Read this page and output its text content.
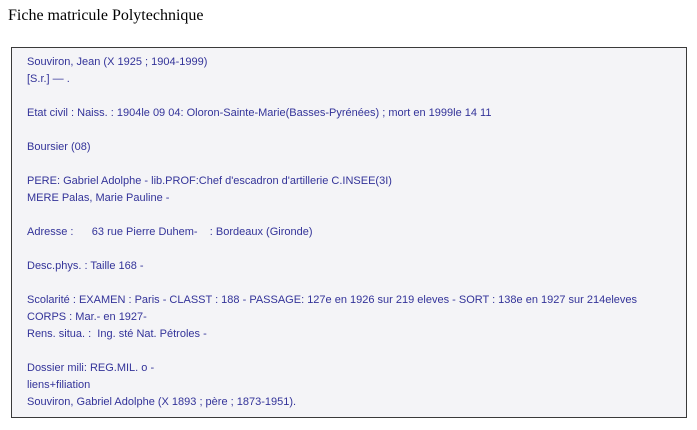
Fiche matricule Polytechnique
Souviron, Jean (X 1925 ; 1904-1999)
[S.r.] — .
Etat civil : Naiss. : 1904le 09 04: Oloron-Sainte-Marie(Basses-Pyrénées) ; mort en 1999le 14 11
Boursier (08)
PERE: Gabriel Adolphe - lib.PROF:Chef d'escadron d'artillerie C.INSEE(3I)
MERE Palas, Marie Pauline -
Adresse :      63 rue Pierre Duhem-    : Bordeaux (Gironde)
Desc.phys. : Taille 168 -
Scolarité : EXAMEN : Paris - CLASST : 188 - PASSAGE: 127e en 1926 sur 219 eleves - SORT : 138e en 1927 sur 214eleves CORPS : Mar.- en 1927-
Rens. situa. :  Ing. sté Nat. Pétroles -
Dossier mili: REG.MIL. o -
liens+filiation
Souviron, Gabriel Adolphe (X 1893 ; père ; 1873-1951).
